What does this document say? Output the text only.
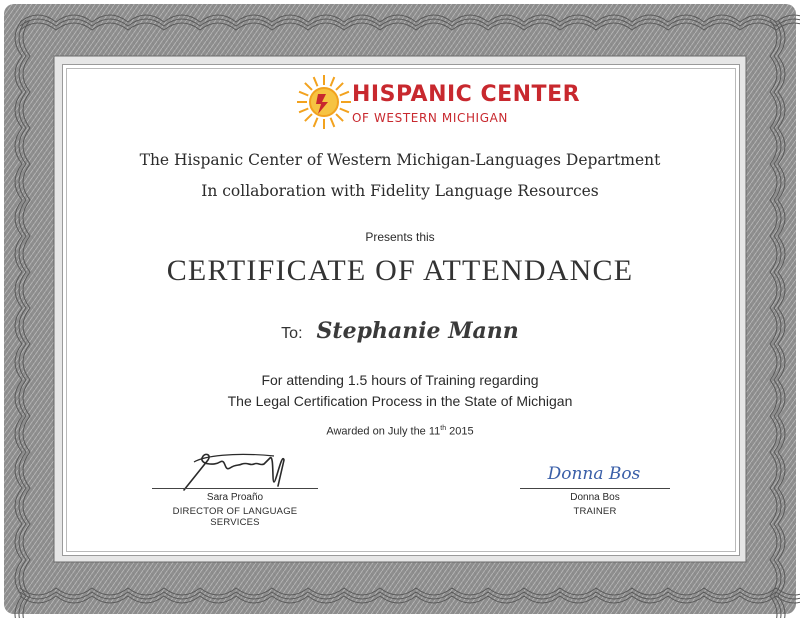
HISPANIC CENTER
OF WESTERN MICHIGAN
The Hispanic Center of Western Michigan-Languages Department
In collaboration with Fidelity Language Resources
Presents this
CERTIFICATE OF ATTENDANCE
To: Stephanie Mann
For attending 1.5 hours of Training regarding
The Legal Certification Process in the State of Michigan
Awarded on July the 11th 2015
Sara Proaño
DIRECTOR OF LANGUAGE SERVICES
Donna Bos
Donna Bos
TRAINER
